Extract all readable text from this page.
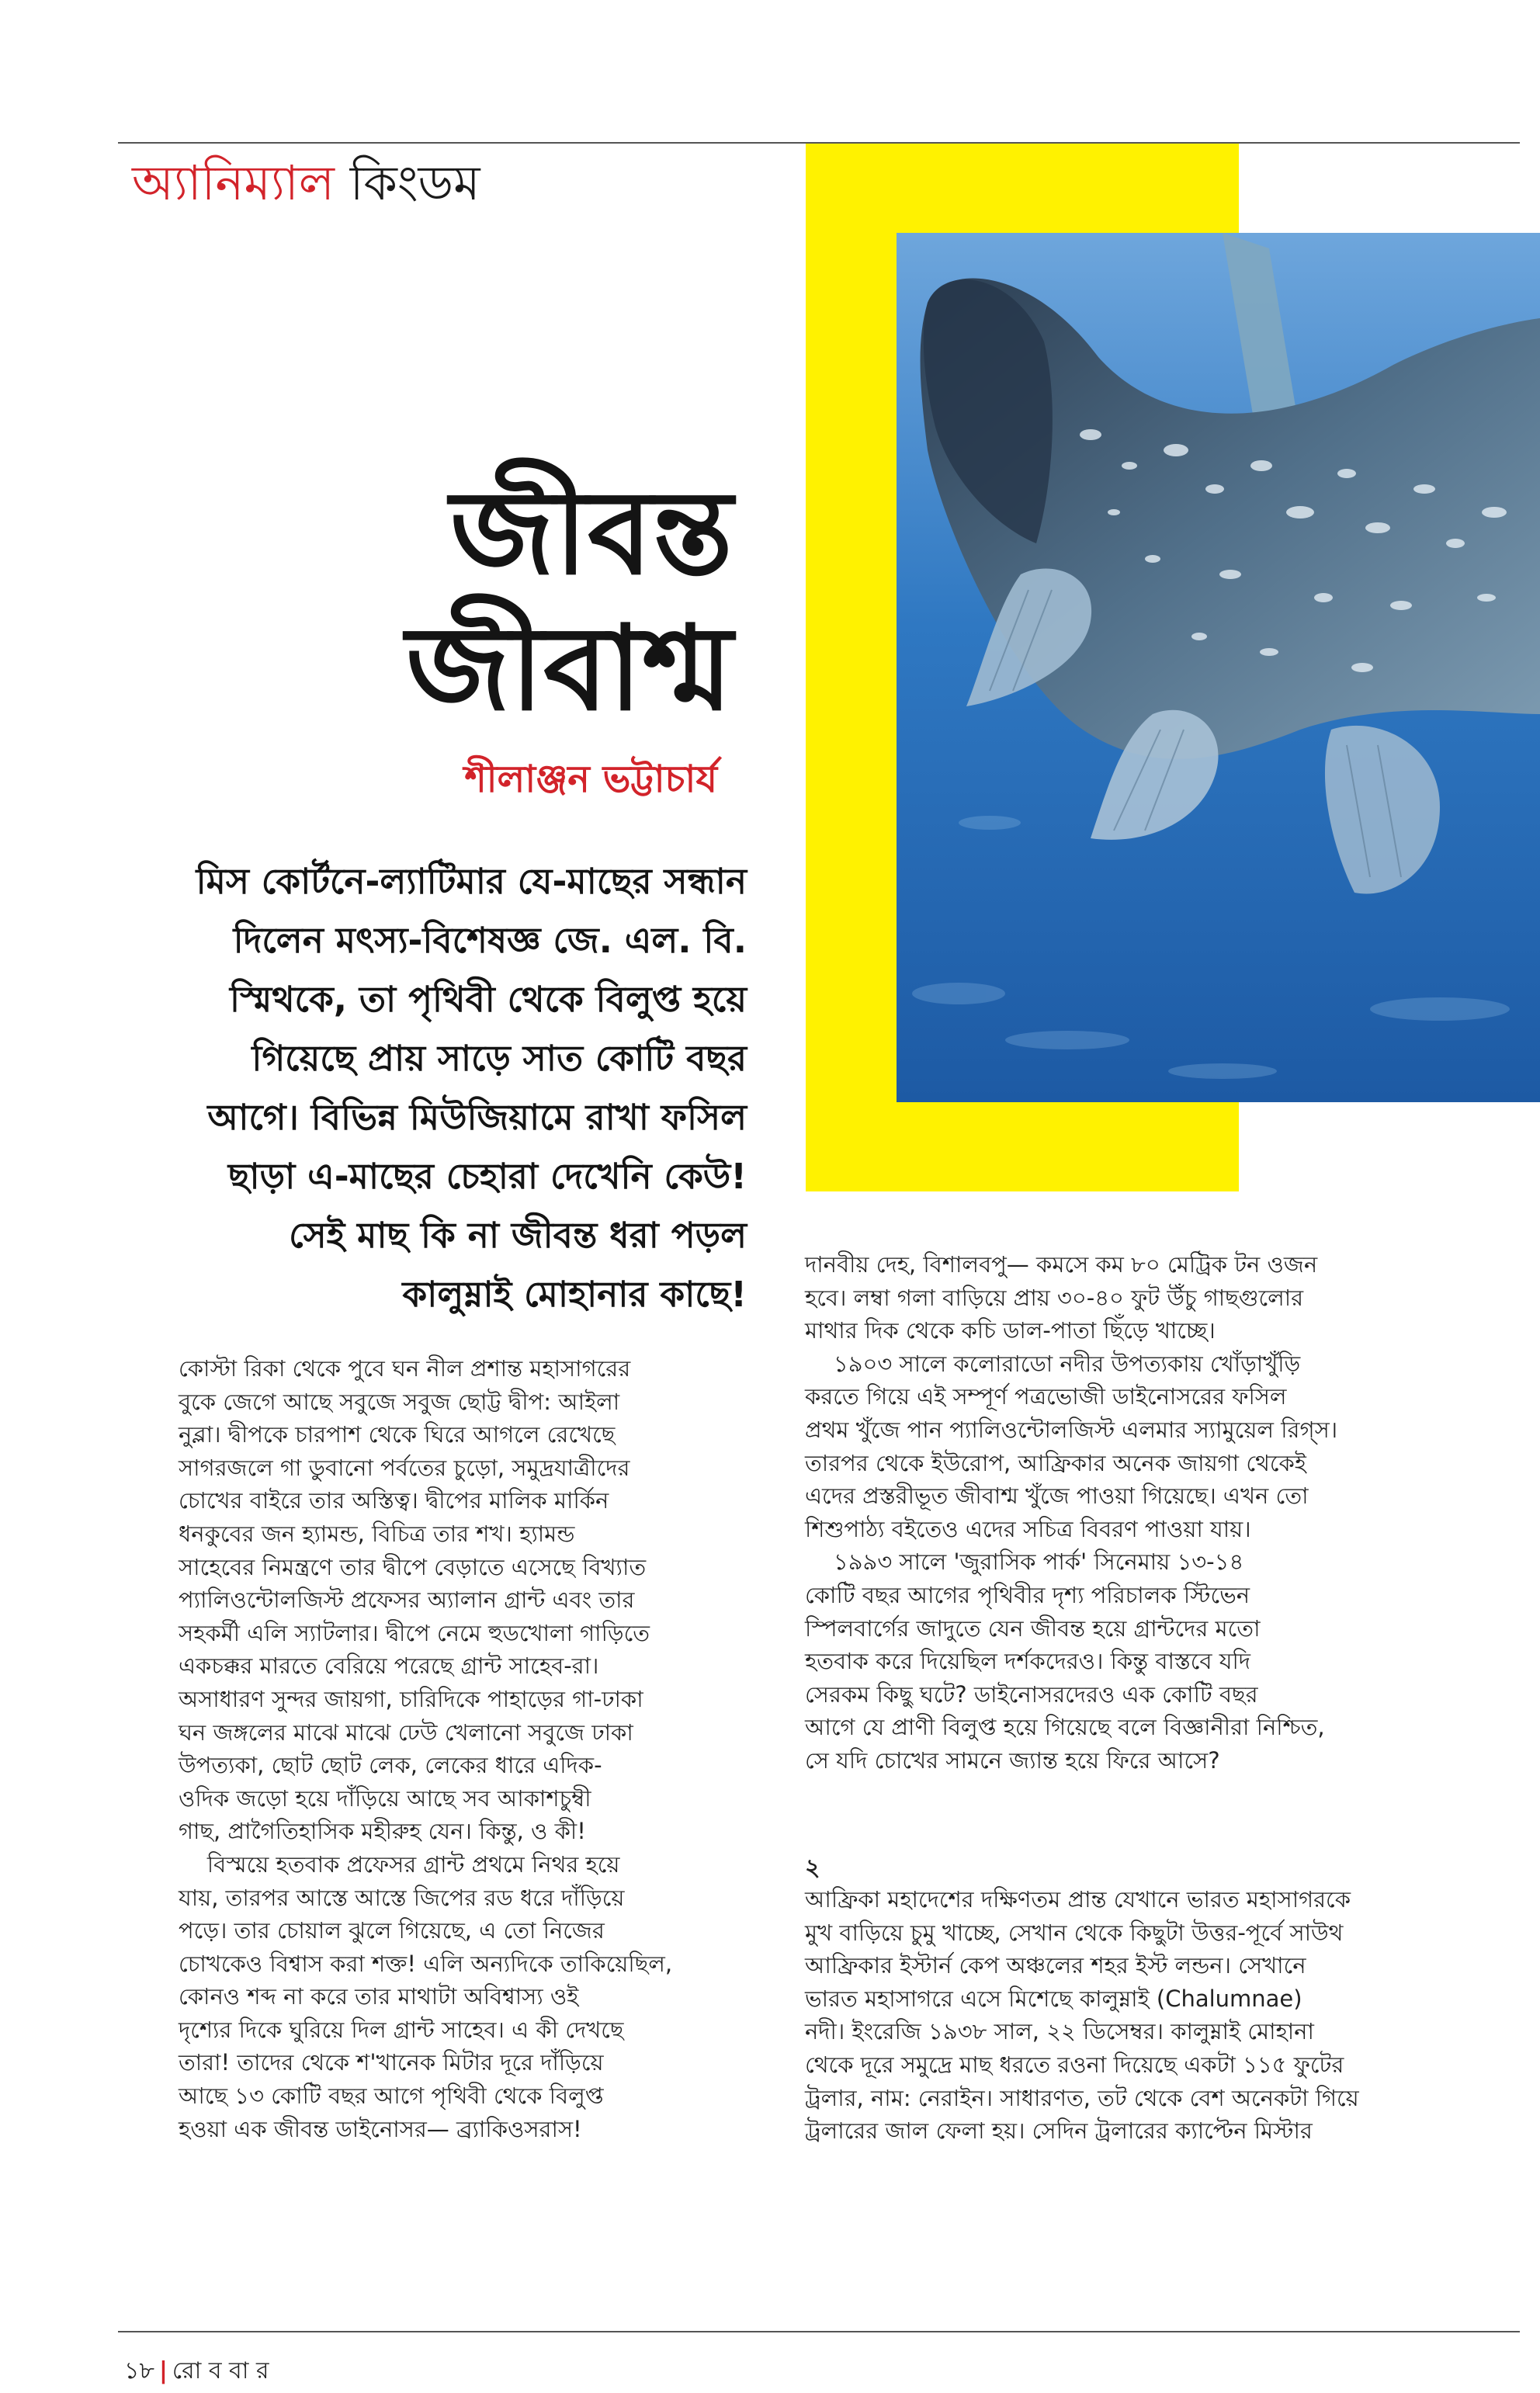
অ্যানিম্যাল কিংডম
জীবন্ত
জীবাশ্ম
শীলাঞ্জন ভট্টাচার্য

মিস কোর্টনে-ল্যাটিমার যে-মাছের সন্ধান

দিলেন মৎস্য-বিশেষজ্ঞ জে. এল. বি.

স্মিথকে, তা পৃথিবী থেকে বিলুপ্ত হয়ে

গিয়েছে প্রায় সাড়ে সাত কোটি বছর

আগে। বিভিন্ন মিউজিয়ামে রাখা ফসিল

ছাড়া এ-মাছের চেহারা দেখেনি কেউ!

সেই মাছ কি না জীবন্ত ধরা পড়ল

কালুম্নাই মোহানার কাছে!

কোস্টা রিকা থেকে পুবে ঘন নীল প্রশান্ত মহাসাগরের

বুকে জেগে আছে সবুজে সবুজ ছোট্ট দ্বীপ: আইলা

নুব্লা। দ্বীপকে চারপাশ থেকে ঘিরে আগলে রেখেছে

সাগরজলে গা ডুবানো পর্বতের চুড়ো, সমুদ্রযাত্রীদের

চোখের বাইরে তার অস্তিত্ব। দ্বীপের মালিক মার্কিন

ধনকুবের জন হ্যামন্ড, বিচিত্র তার শখ। হ্যামন্ড

সাহেবের নিমন্ত্রণে তার দ্বীপে বেড়াতে এসেছে বিখ্যাত

প্যালিওন্টোলজিস্ট প্রফেসর অ্যালান গ্রান্ট এবং তার

সহকর্মী এলি স্যাটলার। দ্বীপে নেমে হুডখোলা গাড়িতে

একচক্কর মারতে বেরিয়ে পরেছে গ্রান্ট সাহেব-রা।

অসাধারণ সুন্দর জায়গা, চারিদিকে পাহাড়ের গা-ঢাকা

ঘন জঙ্গলের মাঝে মাঝে ঢেউ খেলানো সবুজে ঢাকা

উপত্যকা, ছোট ছোট লেক, লেকের ধারে এদিক-

ওদিক জড়ো হয়ে দাঁড়িয়ে আছে সব আকাশচুম্বী

গাছ, প্রাগৈতিহাসিক মহীরুহ যেন। কিন্তু, ও কী!

বিস্ময়ে হতবাক প্রফেসর গ্রান্ট প্রথমে নিথর হয়ে

যায়, তারপর আস্তে আস্তে জিপের রড ধরে দাঁড়িয়ে

পড়ে। তার চোয়াল ঝুলে গিয়েছে, এ তো নিজের

চোখকেও বিশ্বাস করা শক্ত! এলি অন্যদিকে তাকিয়েছিল,

কোনও শব্দ না করে তার মাথাটা অবিশ্বাস্য ওই

দৃশ্যের দিকে ঘুরিয়ে দিল গ্রান্ট সাহেব। এ কী দেখছে

তারা! তাদের থেকে শ'খানেক মিটার দূরে দাঁড়িয়ে

আছে ১৩ কোটি বছর আগে পৃথিবী থেকে বিলুপ্ত

হওয়া এক জীবন্ত ডাইনোসর— ব্র্যাকিওসরাস!

দানবীয় দেহ, বিশালবপু— কমসে কম ৮০ মেট্রিক টন ওজন

হবে। লম্বা গলা বাড়িয়ে প্রায় ৩০-৪০ ফুট উঁচু গাছগুলোর

মাথার দিক থেকে কচি ডাল-পাতা ছিঁড়ে খাচ্ছে।

১৯০৩ সালে কলোরাডো নদীর উপত্যকায় খোঁড়াখুঁড়ি

করতে গিয়ে এই সম্পূর্ণ পত্রভোজী ডাইনোসরের ফসিল

প্রথম খুঁজে পান প্যালিওন্টোলজিস্ট এলমার স্যামুয়েল রিগ্স।

তারপর থেকে ইউরোপ, আফ্রিকার অনেক জায়গা থেকেই

এদের প্রস্তরীভূত জীবাশ্ম খুঁজে পাওয়া গিয়েছে। এখন তো

শিশুপাঠ্য বইতেও এদের সচিত্র বিবরণ পাওয়া যায়।

১৯৯৩ সালে 'জুরাসিক পার্ক' সিনেমায় ১৩-১৪

কোটি বছর আগের পৃথিবীর দৃশ্য পরিচালক স্টিভেন

স্পিলবার্গের জাদুতে যেন জীবন্ত হয়ে গ্রান্টদের মতো

হতবাক করে দিয়েছিল দর্শকদেরও। কিন্তু বাস্তবে যদি

সেরকম কিছু ঘটে? ডাইনোসরদেরও এক কোটি বছর

আগে যে প্রাণী বিলুপ্ত হয়ে গিয়েছে বলে বিজ্ঞানীরা নিশ্চিত,

সে যদি চোখের সামনে জ্যান্ত হয়ে ফিরে আসে?

২

আফ্রিকা মহাদেশের দক্ষিণতম প্রান্ত যেখানে ভারত মহাসাগরকে

মুখ বাড়িয়ে চুমু খাচ্ছে, সেখান থেকে কিছুটা উত্তর-পূর্বে সাউথ

আফ্রিকার ইস্টার্ন কেপ অঞ্চলের শহর ইস্ট লন্ডন। সেখানে

ভারত মহাসাগরে এসে মিশেছে কালুম্নাই (Chalumnae)

নদী। ইংরেজি ১৯৩৮ সাল, ২২ ডিসেম্বর। কালুম্নাই মোহানা

থেকে দূরে সমুদ্রে মাছ ধরতে রওনা দিয়েছে একটা ১১৫ ফুটের

ট্রলার, নাম: নেরাইন। সাধারণত, তট থেকে বেশ অনেকটা গিয়ে

ট্রলারের জাল ফেলা হয়। সেদিন ট্রলারের ক্যাপ্টেন মিস্টার

১৮ | রো ব বা র
